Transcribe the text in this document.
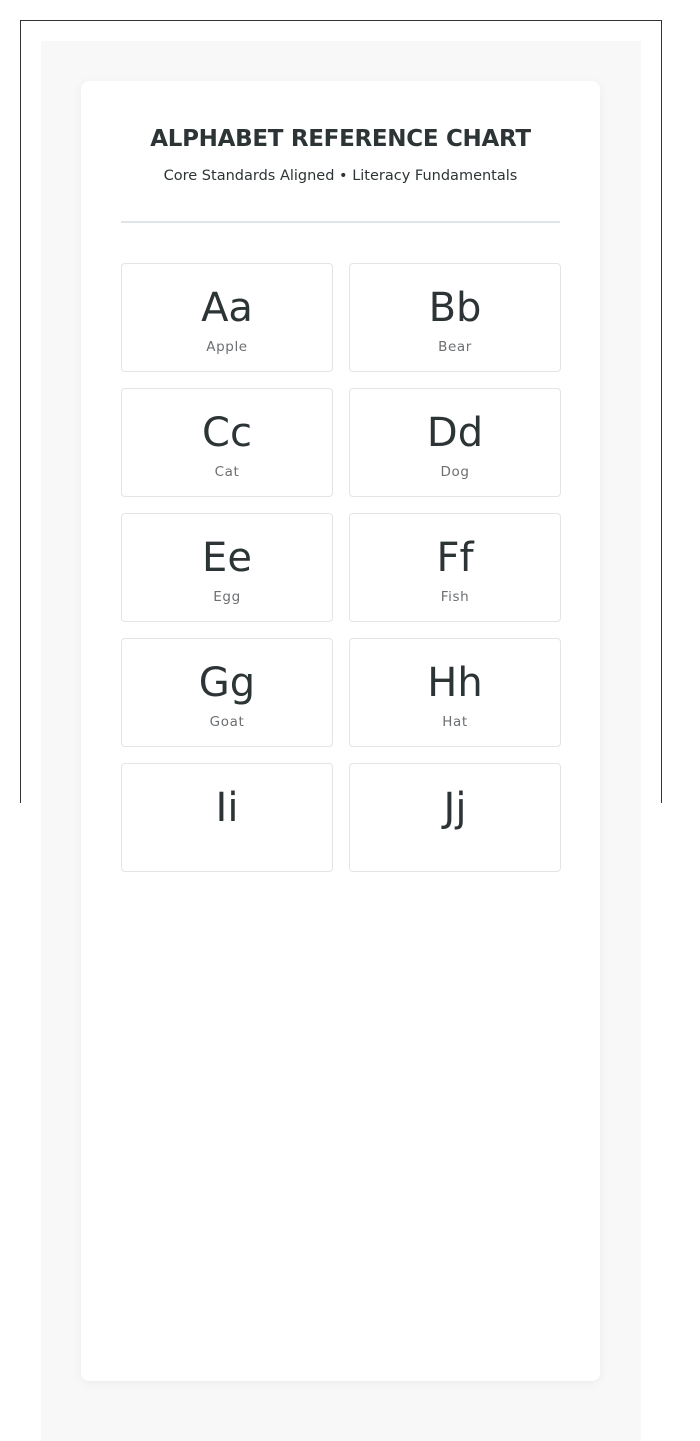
ALPHABET REFERENCE CHART

Core Standards Aligned • Literacy Fundamentals

Aa
Apple
Bb
Bear
Cc
Cat
Dd
Dog
Ee
Egg
Ff
Fish
Gg
Goat
Hh
Hat
Ii	Jj
